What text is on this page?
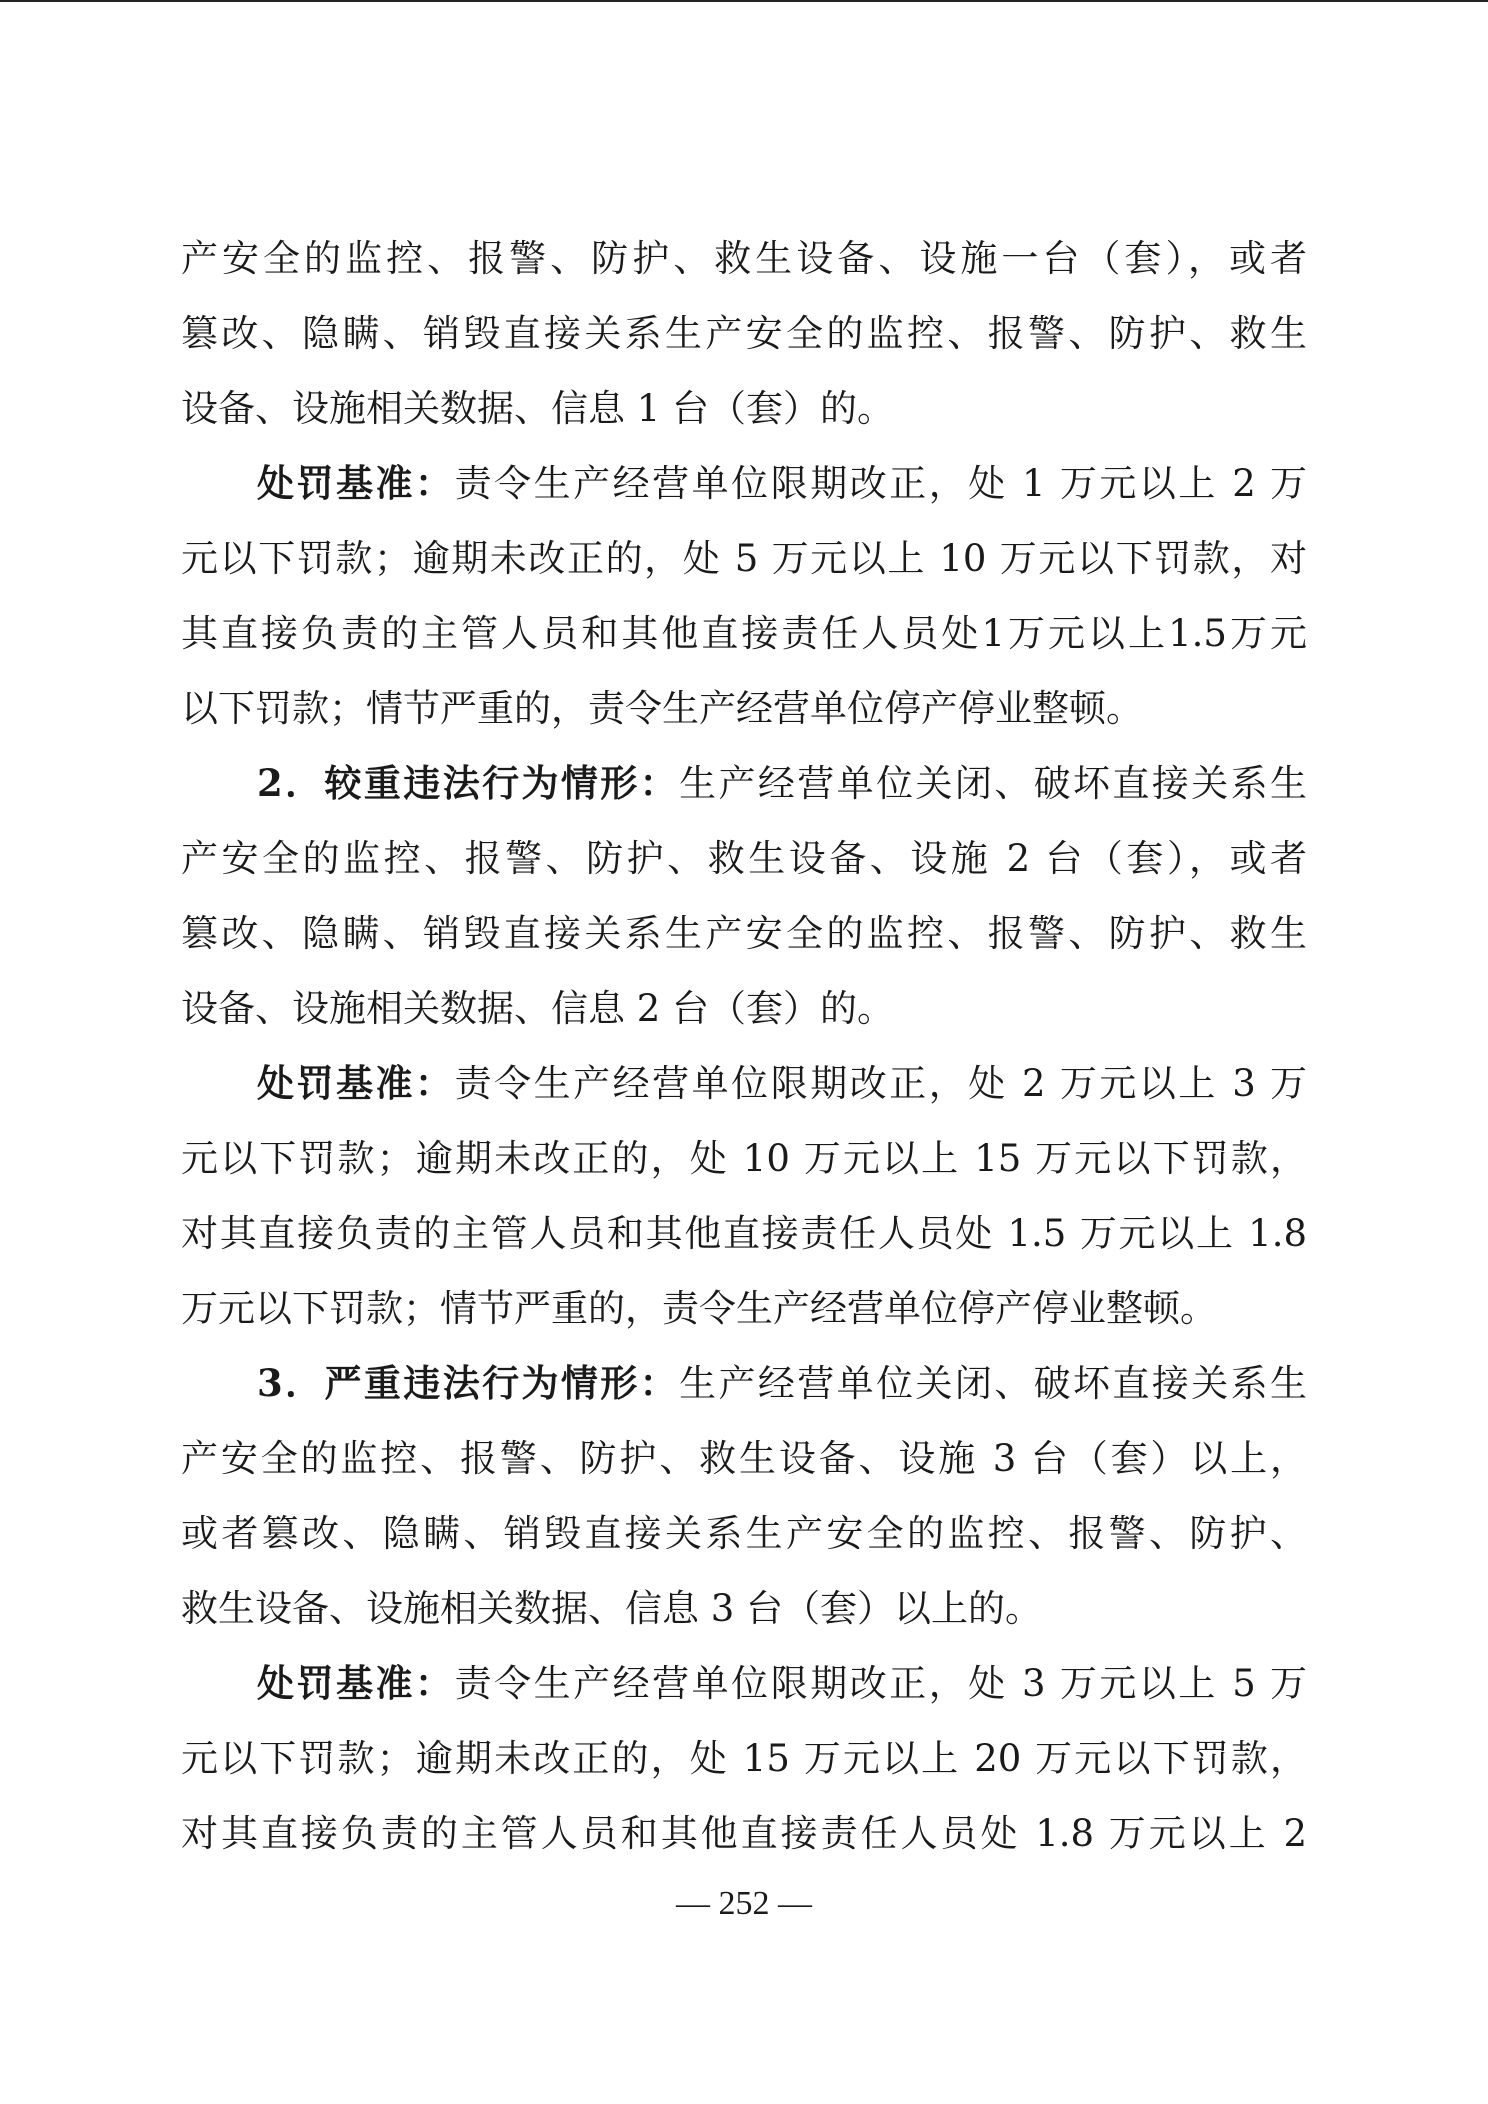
产安全的监控、报警、防护、救生设备、设施一台（套），或者
篡改、隐瞒、销毁直接关系生产安全的监控、报警、防护、救生
设备、设施相关数据、信息 1 台（套）的。
处罚基准：责令生产经营单位限期改正，处 1 万元以上 2 万
元以下罚款；逾期未改正的，处 5 万元以上 10 万元以下罚款，对
其直接负责的主管人员和其他直接责任人员处1万元以上1.5万元
以下罚款；情节严重的，责令生产经营单位停产停业整顿。
2．较重违法行为情形：生产经营单位关闭、破坏直接关系生
产安全的监控、报警、防护、救生设备、设施 2 台（套），或者
篡改、隐瞒、销毁直接关系生产安全的监控、报警、防护、救生
设备、设施相关数据、信息 2 台（套）的。
处罚基准：责令生产经营单位限期改正，处 2 万元以上 3 万
元以下罚款；逾期未改正的，处 10 万元以上 15 万元以下罚款，
对其直接负责的主管人员和其他直接责任人员处 1.5 万元以上 1.8
万元以下罚款；情节严重的，责令生产经营单位停产停业整顿。
3．严重违法行为情形：生产经营单位关闭、破坏直接关系生
产安全的监控、报警、防护、救生设备、设施 3 台（套）以上，
或者篡改、隐瞒、销毁直接关系生产安全的监控、报警、防护、
救生设备、设施相关数据、信息 3 台（套）以上的。
处罚基准：责令生产经营单位限期改正，处 3 万元以上 5 万
元以下罚款；逾期未改正的，处 15 万元以上 20 万元以下罚款，
对其直接负责的主管人员和其他直接责任人员处 1.8 万元以上 2
— 252 —
